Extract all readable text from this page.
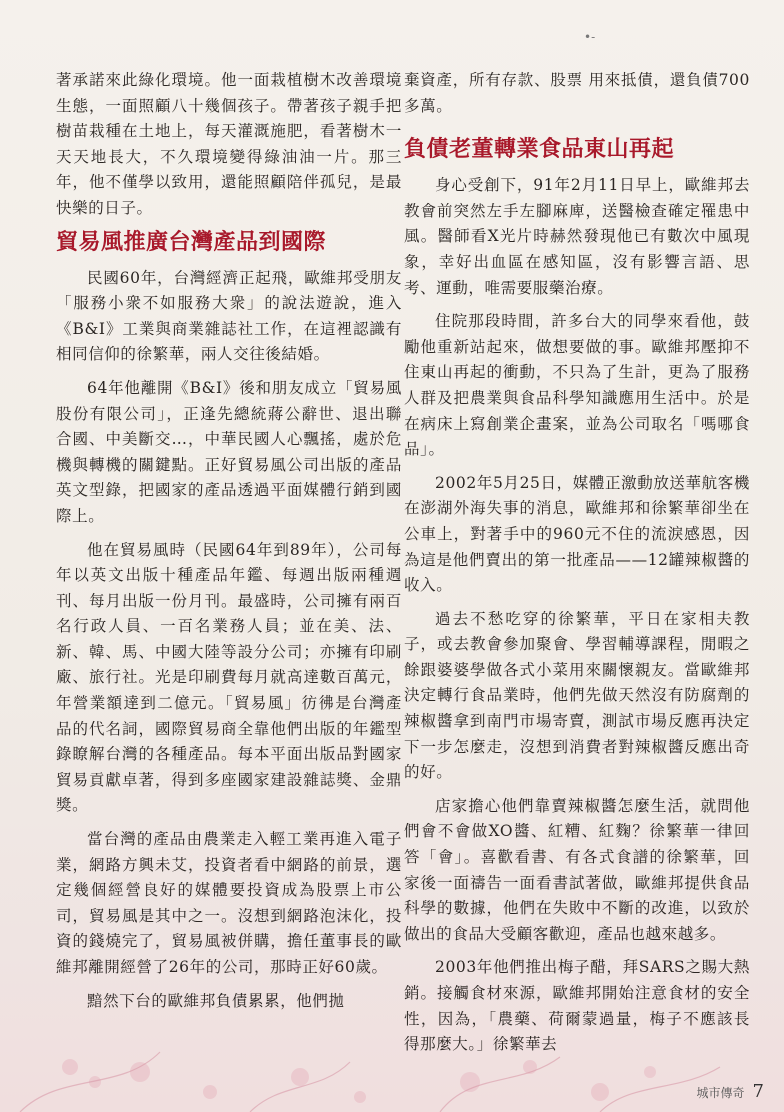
•-

著承諾來此綠化環境。他一面栽植樹木改善環境生態，一面照顧八十幾個孩子。帶著孩子親手把樹苗栽種在土地上，每天灌溉施肥，看著樹木一天天地長大，不久環境變得綠油油一片。那三年，他不僅學以致用，還能照顧陪伴孤兒，是最快樂的日子。

貿易風推廣台灣產品到國際

民國60年，台灣經濟正起飛，歐維邦受朋友「服務小衆不如服務大衆」的說法遊說，進入《B&I》工業與商業雜誌社工作，在這裡認識有相同信仰的徐繁華，兩人交往後結婚。

64年他離開《B&I》後和朋友成立「貿易風股份有限公司」，正逢先總統蔣公辭世、退出聯合國、中美斷交…，中華民國人心飄搖，處於危機與轉機的關鍵點。正好貿易風公司出版的產品英文型錄，把國家的產品透過平面媒體行銷到國際上。

他在貿易風時（民國64年到89年），公司每年以英文出版十種產品年鑑、每週出版兩種週刊、每月出版一份月刊。最盛時，公司擁有兩百名行政人員、一百名業務人員；並在美、法、新、韓、馬、中國大陸等設分公司；亦擁有印刷廠、旅行社。光是印刷費每月就高達數百萬元，年營業額達到二億元。「貿易風」彷彿是台灣產品的代名詞，國際貿易商全靠他們出版的年鑑型錄瞭解台灣的各種產品。每本平面出版品對國家貿易貢獻卓著，得到多座國家建設雜誌獎、金鼎獎。

當台灣的產品由農業走入輕工業再進入電子業，網路方興未艾，投資者看中網路的前景，選定幾個經營良好的媒體要投資成為股票上市公司，貿易風是其中之一。沒想到網路泡沫化，投資的錢燒完了，貿易風被併購，擔任董事長的歐維邦離開經營了26年的公司，那時正好60歲。

黯然下台的歐維邦負債累累，他們拋

棄資產，所有存款、股票 用來抵債，還負債700多萬。

負債老董轉業食品東山再起

身心受創下，91年2月11日早上，歐維邦去教會前突然左手左腳麻庳，送醫檢查確定罹患中風。醫師看X光片時赫然發現他已有數次中風現象，幸好出血區在感知區，沒有影響言語、思考、運動，唯需要服藥治療。

住院那段時間，許多台大的同學來看他，鼓勵他重新站起來，做想要做的事。歐維邦壓抑不住東山再起的衝動，不只為了生計，更為了服務人群及把農業與食品科學知識應用生活中。於是在病床上寫創業企畫案，並為公司取名「嗎哪食品」。

2002年5月25日，媒體正激動放送華航客機在澎湖外海失事的消息，歐維邦和徐繁華卻坐在公車上，對著手中的960元不住的流淚感恩，因為這是他們賣出的第一批產品——12罐辣椒醬的收入。

過去不愁吃穿的徐繁華，平日在家相夫教子，或去教會參加聚會、學習輔導課程，閒暇之餘跟婆婆學做各式小菜用來關懷親友。當歐維邦決定轉行食品業時，他們先做天然沒有防腐劑的辣椒醬拿到南門市場寄賣，測試市場反應再決定下一步怎麼走，沒想到消費者對辣椒醬反應出奇的好。

店家擔心他們靠賣辣椒醬怎麼生活，就問他們會不會做XO醬、紅糟、紅麴？徐繁華一律回答「會」。喜歡看書、有各式食譜的徐繁華，回家後一面禱告一面看書試著做，歐維邦提供食品科學的數據，他們在失敗中不斷的改進，以致於做出的食品大受顧客歡迎，產品也越來越多。

2003年他們推出梅子醋，拜SARS之賜大熱銷。接觸食材來源，歐維邦開始注意食材的安全性，因為，「農藥、荷爾蒙過量，梅子不應該長得那麼大。」徐繁華去

城市傳奇 7
